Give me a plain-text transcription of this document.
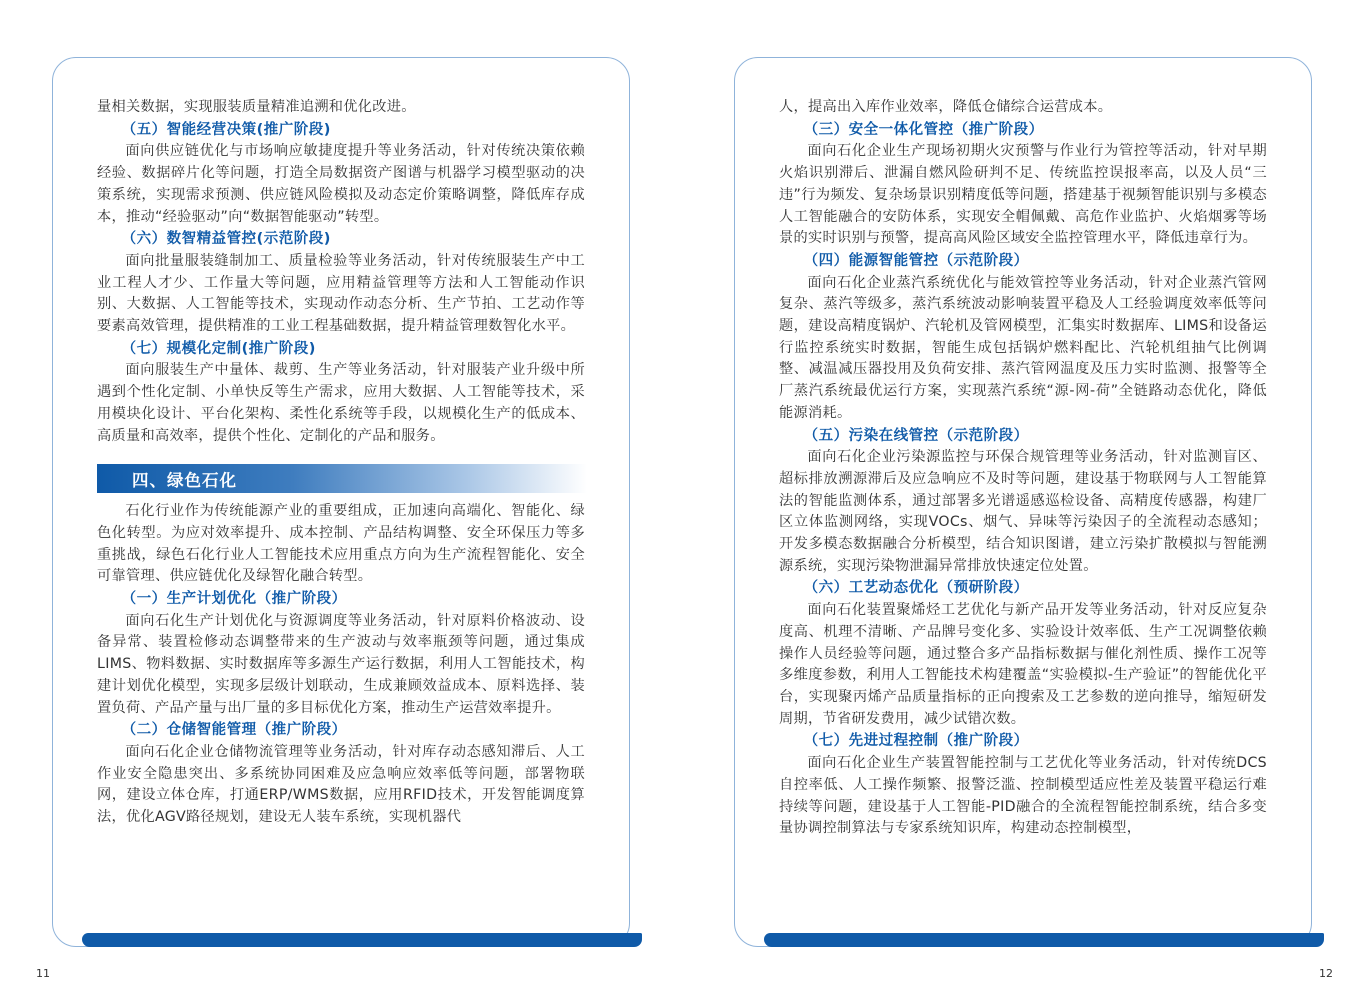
量相关数据，实现服装质量精准追溯和优化改进。

（五）智能经营决策(推广阶段)

面向供应链优化与市场响应敏捷度提升等业务活动，针对传统决策依赖经验、数据碎片化等问题，打造全局数据资产图谱与机器学习模型驱动的决策系统，实现需求预测、供应链风险模拟及动态定价策略调整，降低库存成本，推动“经验驱动”向“数据智能驱动”转型。

（六）数智精益管控(示范阶段)

面向批量服装缝制加工、质量检验等业务活动，针对传统服装生产中工业工程人才少、工作量大等问题，应用精益管理等方法和人工智能动作识别、大数据、人工智能等技术，实现动作动态分析、生产节拍、工艺动作等要素高效管理，提供精准的工业工程基础数据，提升精益管理数智化水平。

（七）规模化定制(推广阶段)

面向服装生产中量体、裁剪、生产等业务活动，针对服装产业升级中所遇到个性化定制、小单快反等生产需求，应用大数据、人工智能等技术，采用模块化设计、平台化架构、柔性化系统等手段，以规模化生产的低成本、高质量和高效率，提供个性化、定制化的产品和服务。

四、绿色石化

石化行业作为传统能源产业的重要组成，正加速向高端化、智能化、绿色化转型。为应对效率提升、成本控制、产品结构调整、安全环保压力等多重挑战，绿色石化行业人工智能技术应用重点方向为生产流程智能化、安全可靠管理、供应链优化及绿智化融合转型。

（一）生产计划优化（推广阶段）

面向石化生产计划优化与资源调度等业务活动，针对原料价格波动、设备异常、装置检修动态调整带来的生产波动与效率瓶颈等问题，通过集成LIMS、物料数据、实时数据库等多源生产运行数据，利用人工智能技术，构建计划优化模型，实现多层级计划联动，生成兼顾效益成本、原料选择、装置负荷、产品产量与出厂量的多目标优化方案，推动生产运营效率提升。

（二）仓储智能管理（推广阶段）

面向石化企业仓储物流管理等业务活动，针对库存动态感知滞后、人工作业安全隐患突出、多系统协同困难及应急响应效率低等问题，部署物联网，建设立体仓库，打通ERP/WMS数据，应用RFID技术，开发智能调度算法，优化AGV路径规划，建设无人装车系统，实现机器代

人，提高出入库作业效率，降低仓储综合运营成本。

（三）安全一体化管控（推广阶段）

面向石化企业生产现场初期火灾预警与作业行为管控等活动，针对早期火焰识别滞后、泄漏自燃风险研判不足、传统监控误报率高，以及人员“三违”行为频发、复杂场景识别精度低等问题，搭建基于视频智能识别与多模态人工智能融合的安防体系，实现安全帽佩戴、高危作业监护、火焰烟雾等场景的实时识别与预警，提高高风险区域安全监控管理水平，降低违章行为。

（四）能源智能管控（示范阶段）

面向石化企业蒸汽系统优化与能效管控等业务活动，针对企业蒸汽管网复杂、蒸汽等级多，蒸汽系统波动影响装置平稳及人工经验调度效率低等问题，建设高精度锅炉、汽轮机及管网模型，汇集实时数据库、LIMS和设备运行监控系统实时数据，智能生成包括锅炉燃料配比、汽轮机组抽气比例调整、减温减压器投用及负荷安排、蒸汽管网温度及压力实时监测、报警等全厂蒸汽系统最优运行方案，实现蒸汽系统“源-网-荷”全链路动态优化，降低能源消耗。

（五）污染在线管控（示范阶段）

面向石化企业污染源监控与环保合规管理等业务活动，针对监测盲区、超标排放溯源滞后及应急响应不及时等问题，建设基于物联网与人工智能算法的智能监测体系，通过部署多光谱遥感巡检设备、高精度传感器，构建厂区立体监测网络，实现VOCs、烟气、异味等污染因子的全流程动态感知；开发多模态数据融合分析模型，结合知识图谱，建立污染扩散模拟与智能溯源系统，实现污染物泄漏异常排放快速定位处置。

（六）工艺动态优化（预研阶段）

面向石化装置聚烯烃工艺优化与新产品开发等业务活动，针对反应复杂度高、机理不清晰、产品牌号变化多、实验设计效率低、生产工况调整依赖操作人员经验等问题，通过整合多产品指标数据与催化剂性质、操作工况等多维度参数，利用人工智能技术构建覆盖“实验模拟-生产验证”的智能优化平台，实现聚丙烯产品质量指标的正向搜索及工艺参数的逆向推导，缩短研发周期，节省研发费用，减少试错次数。

（七）先进过程控制（推广阶段）

面向石化企业生产装置智能控制与工艺优化等业务活动，针对传统DCS自控率低、人工操作频繁、报警泛滥、控制模型适应性差及装置平稳运行难持续等问题，建设基于人工智能-PID融合的全流程智能控制系统，结合多变量协调控制算法与专家系统知识库，构建动态控制模型，

11	12
